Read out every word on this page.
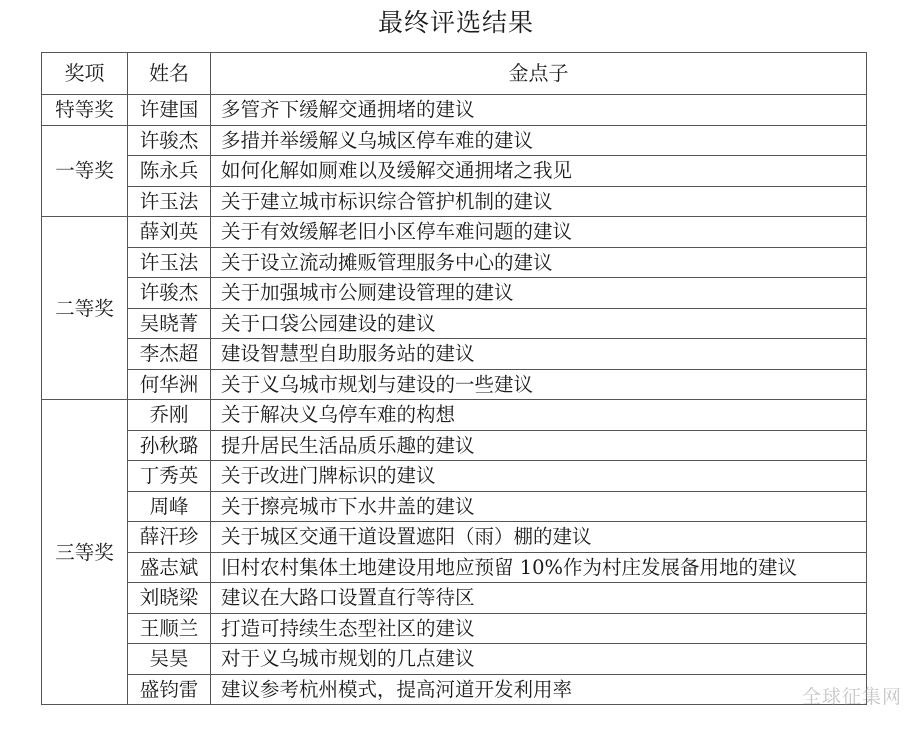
最终评选结果
奖项	姓名	金点子
特等奖	许建国	多管齐下缓解交通拥堵的建议
一等奖	许骏杰	多措并举缓解义乌城区停车难的建议
	陈永兵	如何化解如厕难以及缓解交通拥堵之我见
	许玉法	关于建立城市标识综合管护机制的建议
二等奖	薛刘英	关于有效缓解老旧小区停车难问题的建议
	许玉法	关于设立流动摊贩管理服务中心的建议
	许骏杰	关于加强城市公厕建设管理的建议
	吴晓菁	关于口袋公园建设的建议
	李杰超	建设智慧型自助服务站的建议
	何华洲	关于义乌城市规划与建设的一些建议
三等奖	乔刚	关于解决义乌停车难的构想
	孙秋璐	提升居民生活品质乐趣的建议
	丁秀英	关于改进门牌标识的建议
	周峰	关于擦亮城市下水井盖的建议
	薛汗珍	关于城区交通干道设置遮阳（雨）棚的建议
	盛志斌	旧村农村集体土地建设用地应预留 10%作为村庄发展备用地的建议
	刘晓梁	建议在大路口设置直行等待区
	王顺兰	打造可持续生态型社区的建议
	吴昊	对于义乌城市规划的几点建议
	盛钧雷	建议参考杭州模式，提高河道开发利用率	全球征集网
